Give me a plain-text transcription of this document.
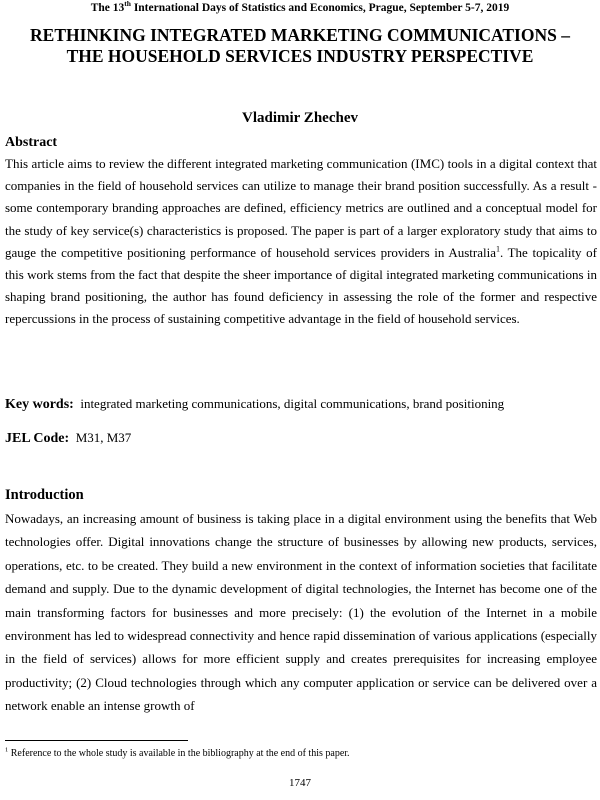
The 13th International Days of Statistics and Economics, Prague, September 5-7, 2019
RETHINKING INTEGRATED MARKETING COMMUNICATIONS – THE HOUSEHOLD SERVICES INDUSTRY PERSPECTIVE
Vladimir Zhechev
Abstract

This article aims to review the different integrated marketing communication (IMC) tools in a digital context that companies in the field of household services can utilize to manage their brand position successfully. As a result - some contemporary branding approaches are defined, efficiency metrics are outlined and a conceptual model for the study of key service(s) characteristics is proposed. The paper is part of a larger exploratory study that aims to gauge the competitive positioning performance of household services providers in Australia$^1$. The topicality of this work stems from the fact that despite the sheer importance of digital integrated marketing communications in shaping brand positioning, the author has found deficiency in assessing the role of the former and respective repercussions in the process of sustaining competitive advantage in the field of household services.

Key words: integrated marketing communications, digital communications, brand positioning
JEL Code: M31, M37
Introduction

Nowadays, an increasing amount of business is taking place in a digital environment using the benefits that Web technologies offer. Digital innovations change the structure of businesses by allowing new products, services, operations, etc. to be created. They build a new environment in the context of information societies that facilitate demand and supply. Due to the dynamic development of digital technologies, the Internet has become one of the main transforming factors for businesses and more precisely: (1) the evolution of the Internet in a mobile environment has led to widespread connectivity and hence rapid dissemination of various applications (especially in the field of services) allows for more efficient supply and creates prerequisites for increasing employee productivity; (2) Cloud technologies through which any computer application or service can be delivered over a network enable an intense growth of

$^1$ Reference to the whole study is available in the bibliography at the end of this paper.
1747
